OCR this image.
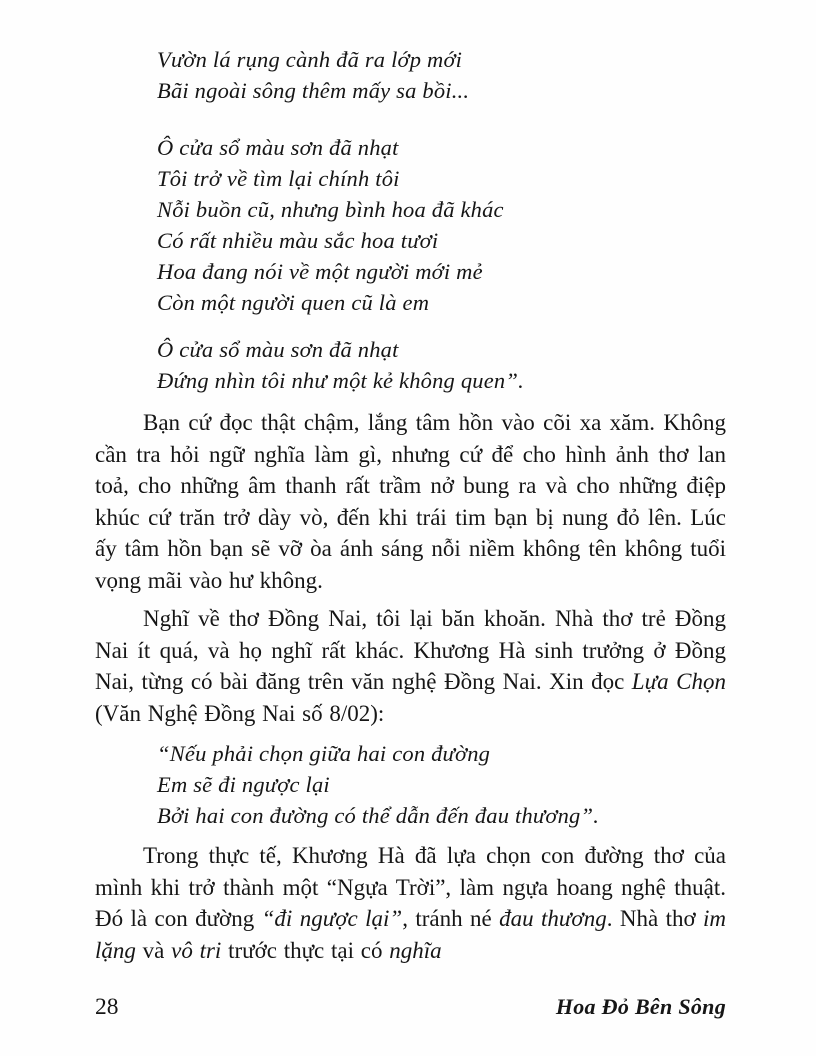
Vườn lá rụng cành đã ra lớp mới
Bãi ngoài sông thêm mấy sa bồi...
Ô cửa sổ màu sơn đã nhạt
Tôi trở về tìm lại chính tôi
Nỗi buồn cũ, nhưng bình hoa đã khác
Có rất nhiều màu sắc hoa tươi
Hoa đang nói về một người mới mẻ
Còn một người quen cũ là em
Ô cửa sổ màu sơn đã nhạt
Đứng nhìn tôi như một kẻ không quen”.

Bạn cứ đọc thật chậm, lắng tâm hồn vào cõi xa xăm. Không cần tra hỏi ngữ nghĩa làm gì, nhưng cứ để cho hình ảnh thơ lan toả, cho những âm thanh rất trầm nở bung ra và cho những điệp khúc cứ trăn trở dày vò, đến khi trái tim bạn bị nung đỏ lên. Lúc ấy tâm hồn bạn sẽ vỡ òa ánh sáng nỗi niềm không tên không tuổi vọng mãi vào hư không.

Nghĩ về thơ Đồng Nai, tôi lại băn khoăn. Nhà thơ trẻ Đồng Nai ít quá, và họ nghĩ rất khác. Khương Hà sinh trưởng ở Đồng Nai, từng có bài đăng trên văn nghệ Đồng Nai. Xin đọc Lựa Chọn (Văn Nghệ Đồng Nai số 8/02):

“Nếu phải chọn giữa hai con đường
Em sẽ đi ngược lại
Bởi hai con đường có thể dẫn đến đau thương”.

Trong thực tế, Khương Hà đã lựa chọn con đường thơ của mình khi trở thành một “Ngựa Trời”, làm ngựa hoang nghệ thuật. Đó là con đường “đi ngược lại”, tránh né đau thương. Nhà thơ im lặng và vô tri trước thực tại có nghĩa

28	Hoa Đỏ Bên Sông
